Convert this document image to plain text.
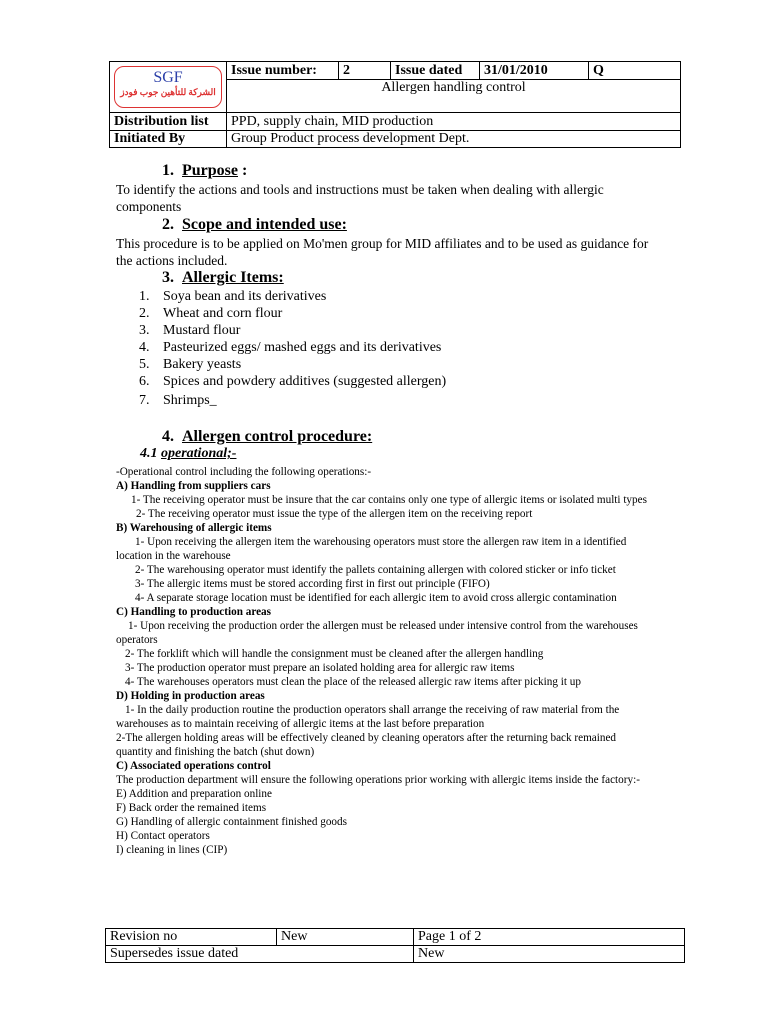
SGF
الشركة للتأهين جوب فودز	Issue number:	2	Issue dated	31/01/2010	Q
	Allergen handling control				
Distribution list	PPD, supply chain, MID production				
Initiated By	Group Product process development Dept.				
1. Purpose :
To identify the actions and tools and instructions must be taken when dealing with allergic
components
2. Scope and intended use:
This procedure is to be applied on Mo'men group for MID affiliates and to be used as guidance for
the actions included.
3. Allergic Items:
1. Soya bean and its derivatives
2. Wheat and corn flour
3. Mustard flour
4. Pasteurized eggs/ mashed eggs and its derivatives
5. Bakery yeasts
6. Spices and powdery additives (suggested allergen)
7. Shrimps_
4. Allergen control procedure:
4.1 operational;-
-Operational control including the following operations:-
A) Handling from suppliers cars
1- The receiving operator must be insure that the car contains only one type of allergic items or isolated multi types
2- The receiving operator must issue the type of the allergen item on the receiving report
B) Warehousing of allergic items
1- Upon receiving the allergen item the warehousing operators must store the allergen raw item in a identified
location in the warehouse
2- The warehousing operator must identify the pallets containing allergen with colored sticker or info ticket
3- The allergic items must be stored according first in first out principle (FIFO)
4- A separate storage location must be identified for each allergic item to avoid cross allergic contamination
C) Handling to production areas
1- Upon receiving the production order the allergen must be released under intensive control from the warehouses
operators
2- The forklift which will handle the consignment must be cleaned after the allergen handling
3- The production operator must prepare an isolated holding area for allergic raw items
4- The warehouses operators must clean the place of the released allergic raw items after picking it up
D) Holding in production areas
1- In the daily production routine the production operators shall arrange the receiving of raw material from the
warehouses as to maintain receiving of allergic items at the last before preparation
2-The allergen holding areas will be effectively cleaned by cleaning operators after the returning back remained
quantity and finishing the batch (shut down)
C) Associated operations control
The production department will ensure the following operations prior working with allergic items inside the factory:-
E) Addition and preparation online
F) Back order the remained items
G) Handling of allergic containment finished goods
H) Contact operators
I) cleaning in lines (CIP)
Revision no	New	Page 1 of 2
Supersedes issue dated		New
